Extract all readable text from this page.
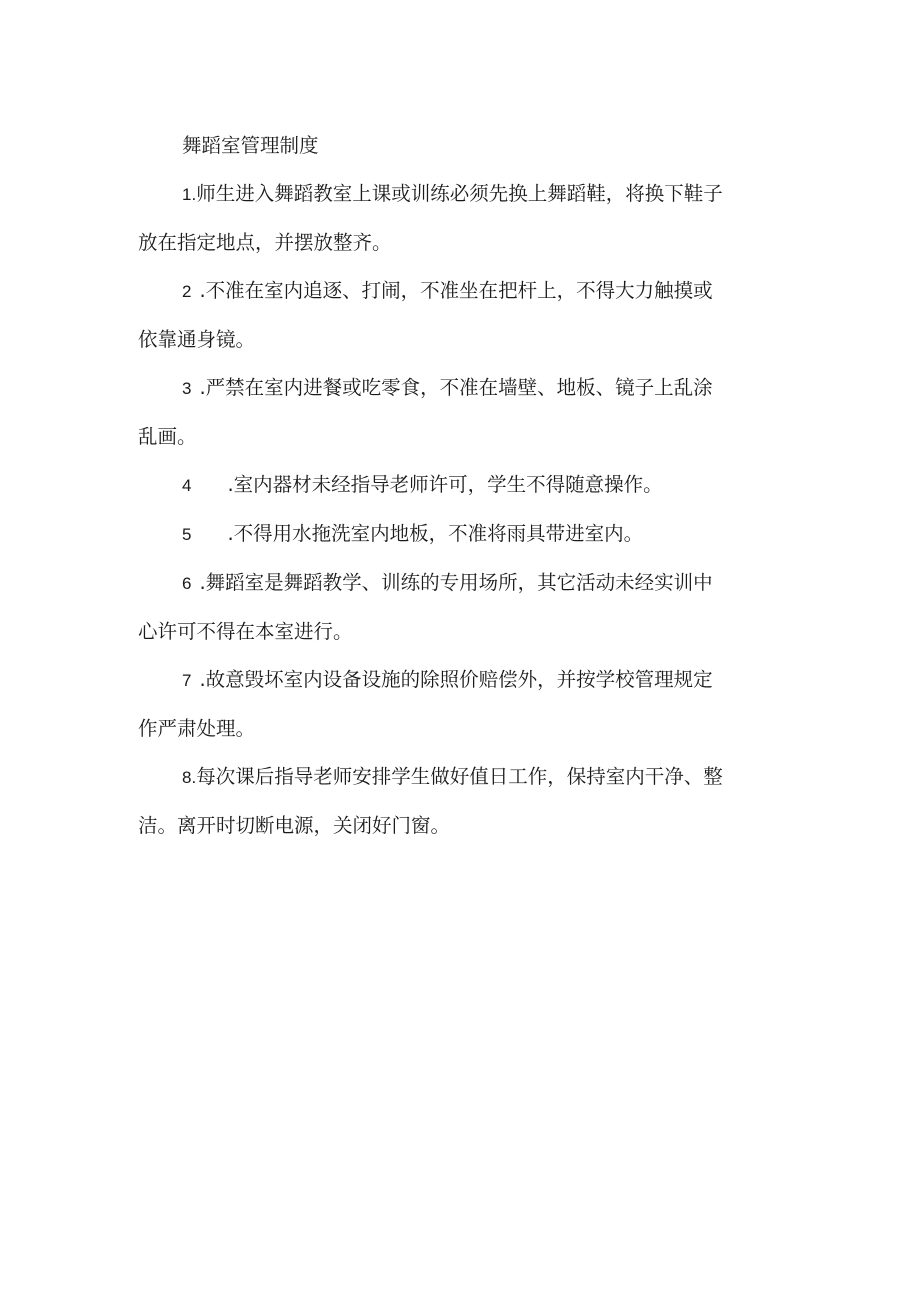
舞蹈室管理制度

1.师生进入舞蹈教室上课或训练必须先换上舞蹈鞋，将换下鞋子
放在指定地点，并摆放整齐。

2 .不准在室内追逐、打闹，不准坐在把杆上，不得大力触摸或
依靠通身镜。

3 .严禁在室内进餐或吃零食，不准在墙壁、地板、镜子上乱涂
乱画。

4 .室内器材未经指导老师许可，学生不得随意操作。

5 .不得用水拖洗室内地板，不准将雨具带进室内。

6 .舞蹈室是舞蹈教学、训练的专用场所，其它活动未经实训中
心许可不得在本室进行。

7 .故意毁坏室内设备设施的除照价赔偿外，并按学校管理规定
作严肃处理。

8.每次课后指导老师安排学生做好值日工作，保持室内干净、整
洁。离开时切断电源，关闭好门窗。
